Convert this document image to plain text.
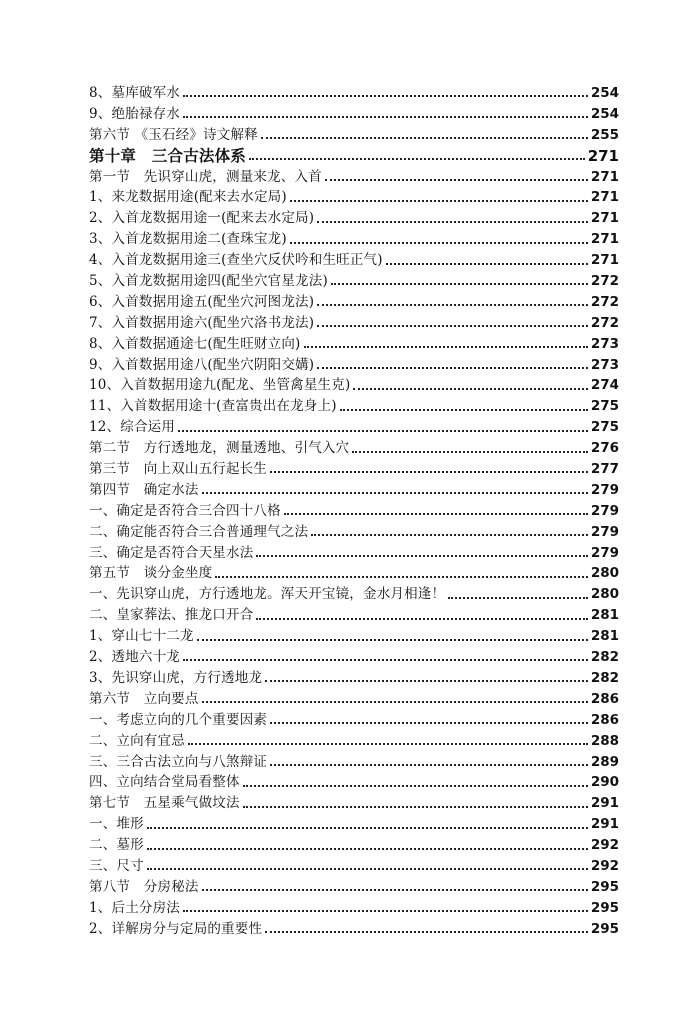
8、墓库破军水	254
9、绝胎禄存水	254
第六节 《玉石经》诗文解释	255
第十章　三合古法体系	271
第一节　先识穿山虎，测量来龙、入首	271
1、来龙数据用途(配来去水定局)	271
2、入首龙数据用途一(配来去水定局)	271
3、入首龙数据用途二(查珠宝龙)	271
4、入首龙数据用途三(查坐穴反伏吟和生旺正气)	271
5、入首龙数据用途四(配坐穴官星龙法)	272
6、入首数据用途五(配坐穴河图龙法)	272
7、入首数据用途六(配坐穴洛书龙法)	272
8、入首数据通途七(配生旺财立向)	273
9、入首数据用途八(配坐穴阴阳交媾)	273
10、入首数据用途九(配龙、坐管禽星生克)	274
11、入首数据用途十(查富贵出在龙身上)	275
12、综合运用	275
第二节　方行透地龙，测量透地、引气入穴	276
第三节　向上双山五行起长生	277
第四节　确定水法	279
一、确定是否符合三合四十八格	279
二、确定能否符合三合普通理气之法	279
三、确定是否符合天星水法	279
第五节　谈分金坐度	280
一、先识穿山虎，方行透地龙。浑天开宝镜，金水月相逢！	280
二、皇家葬法、推龙口开合	281
1、穿山七十二龙	281
2、透地六十龙	282
3、先识穿山虎，方行透地龙	282
第六节　立向要点	286
一、考虑立向的几个重要因素	286
二、立向有宜忌	288
三、三合古法立向与八煞辩证	289
四、立向结合堂局看整体	290
第七节　五星乘气做坟法	291
一、堆形	291
二、墓形	292
三、尺寸	292
第八节　分房秘法	295
1、后土分房法	295
2、详解房分与定局的重要性	295
